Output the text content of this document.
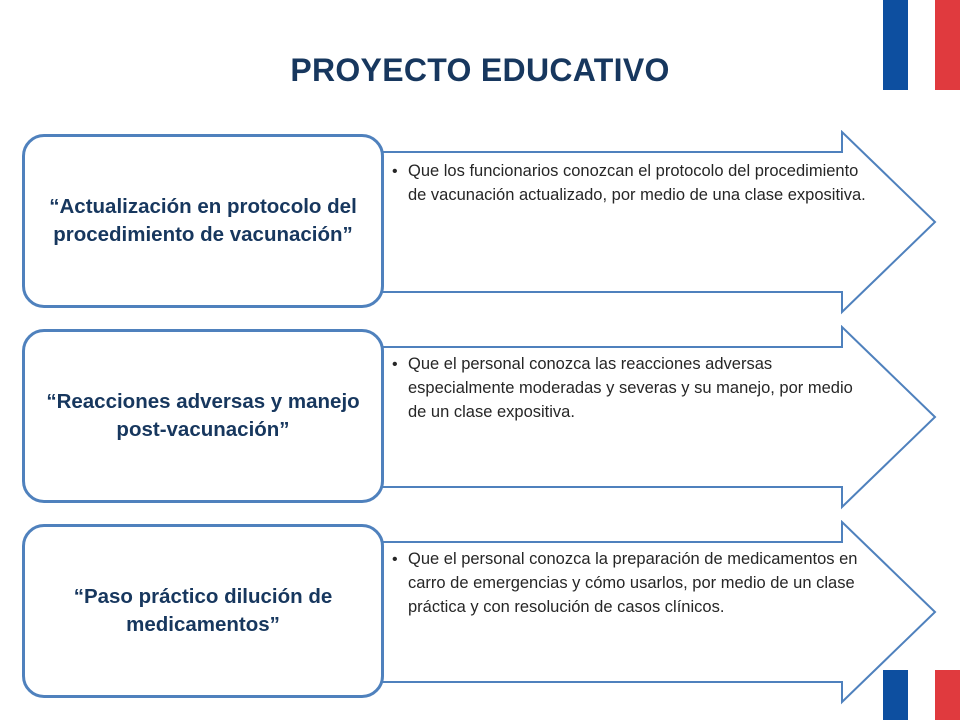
PROYECTO EDUCATIVO
“Actualización en protocolo del procedimiento de vacunación”
• Que los funcionarios conozcan el protocolo del procedimiento de vacunación actualizado, por medio de una clase expositiva.
“Reacciones adversas y manejo post-vacunación”
• Que el personal conozca las reacciones adversas especialmente moderadas y severas y su manejo, por medio de un clase expositiva.
“Paso práctico dilución de medicamentos”
• Que el personal conozca la preparación de medicamentos en carro de emergencias y cómo usarlos, por medio de un clase práctica y con resolución de casos clínicos.
